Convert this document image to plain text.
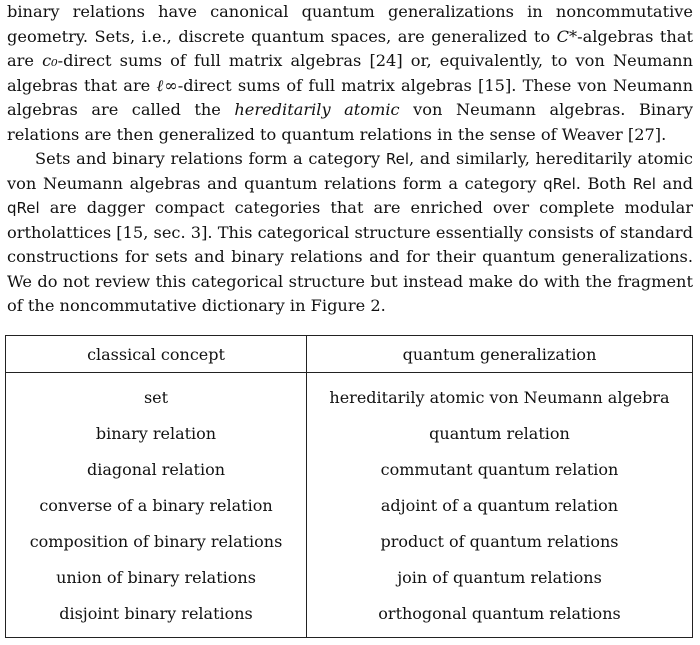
binary relations have canonical quantum generalizations in noncommutative geometry. Sets, i.e., discrete quantum spaces, are generalized to C*-algebras that are c₀-direct sums of full matrix algebras [24] or, equivalently, to von Neumann algebras that are ℓ∞-direct sums of full matrix algebras [15]. These von Neumann algebras are called the hereditarily atomic von Neumann algebras. Binary relations are then generalized to quantum relations in the sense of Weaver [27].

Sets and binary relations form a category Rel, and similarly, hereditarily atomic von Neumann algebras and quantum relations form a category qRel. Both Rel and qRel are dagger compact categories that are enriched over complete modular ortholattices [15, sec. 3]. This categorical structure essentially consists of standard constructions for sets and binary relations and for their quantum generalizations. We do not review this categorical structure but instead make do with the fragment of the noncommutative dictionary in Figure 2.

classical concept	quantum generalization
set	hereditarily atomic von Neumann algebra
binary relation	quantum relation
diagonal relation	commutant quantum relation
converse of a binary relation	adjoint of a quantum relation
composition of binary relations	product of quantum relations
union of binary relations	join of quantum relations
disjoint binary relations	orthogonal quantum relations
